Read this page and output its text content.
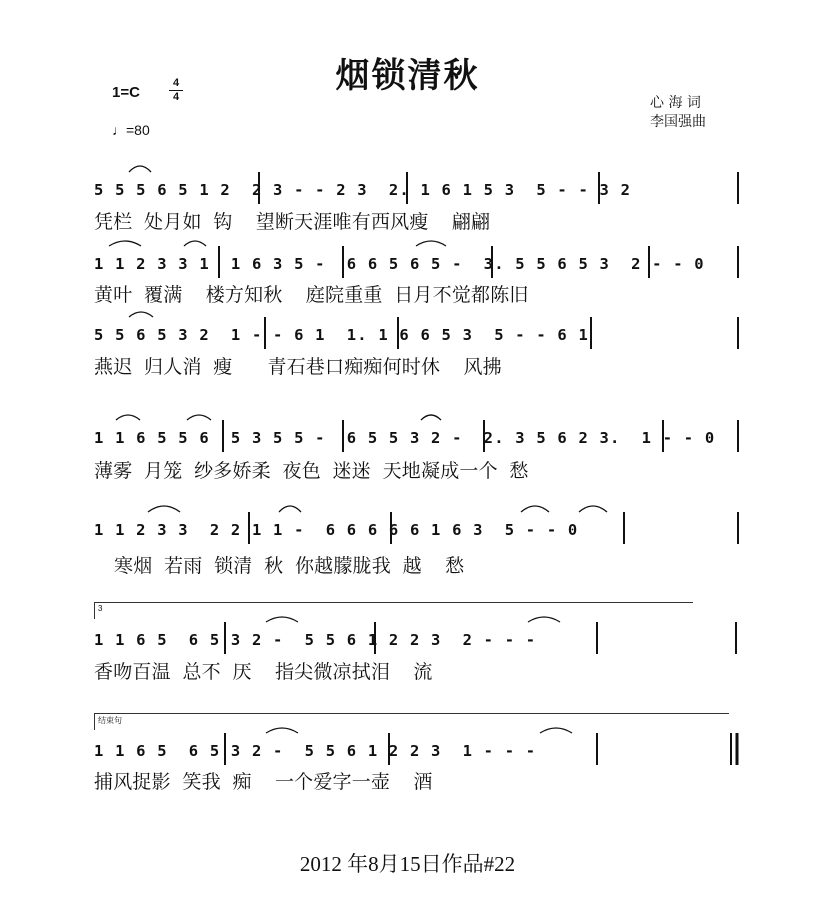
烟锁清秋
1=C
4
4
♩=80
心 海 词
李国强曲
5 5 5 6 5 1 2  2 3 - - 2 3  2. 1 6 1 5 3  5 - - 3 2
凭栏 处月如 钩  望断天涯唯有西风瘦  翩翩
1 1 2 3 3 1  1 6 3 5 -  6 6 5 6 5 -  3. 5 5 6 5 3  2 - - 0
黄叶 覆满  楼方知秋  庭院重重 日月不觉都陈旧
5 5 6 5 3 2  1 - - 6 1  1. 1 6 6 5 3  5 - - 6 1
燕迟 归人消 瘦   青石巷口痴痴何时休  风拂
1 1 6 5 5 6  5 3 5 5 -  6 5 5 3 2 -  2. 3 5 6 2 3.  1 - - 0
薄雾 月笼 纱多娇柔 夜色 迷迷 天地凝成一个 愁
1 1 2 3 3  2 2 1 1 -  6 6 6 6 6 1 6 3  5 - - 0
寒烟 若雨 锁清 秋 你越朦胧我 越  愁
3
1 1 6 5  6 5 3 2 -  5 5 6 1 2 2 3  2 - - -
香吻百温 总不 厌  指尖微凉拭泪  流
结束句
1 1 6 5  6 5 3 2 -  5 5 6 1 2 2 3  1 - - -
捕风捉影 笑我 痴  一个爱字一壶  酒
2012 年8月15日作品#22
